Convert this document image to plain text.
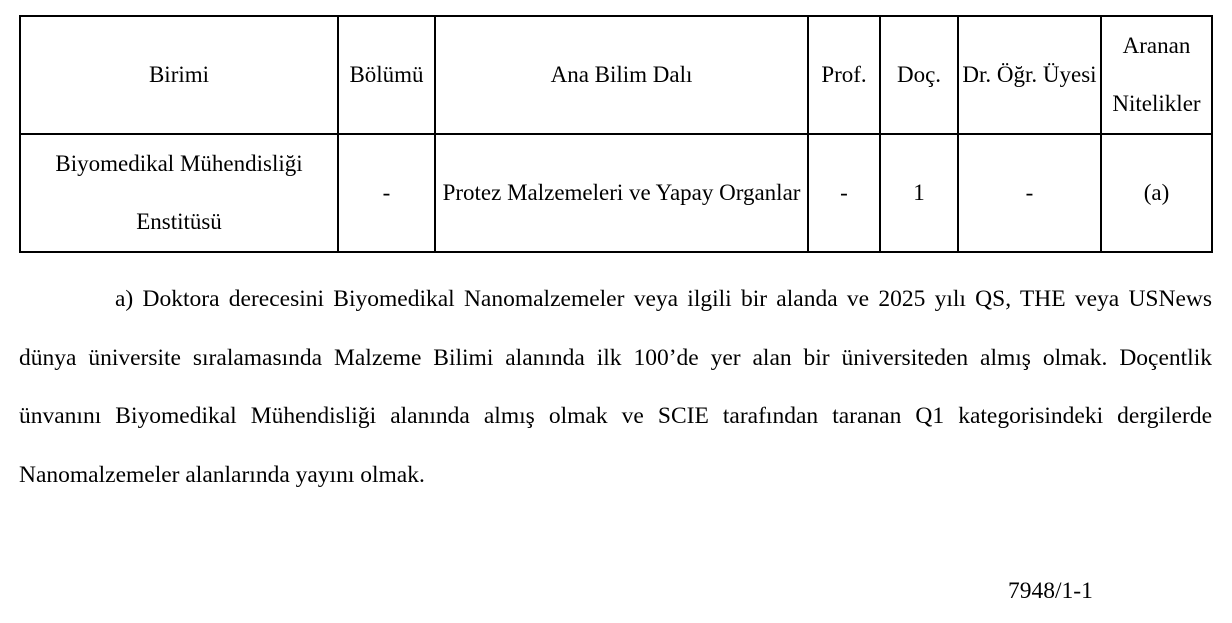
Birimi	Bölümü	Ana Bilim Dalı	Prof.	Doç.	Dr. Öğr. Üyesi	Aranan Nitelikler
Biyomedikal Mühendisliği Enstitüsü	-	Protez Malzemeleri ve Yapay Organlar	-	1	-	(a)
a) Doktora derecesini Biyomedikal Nanomalzemeler veya ilgili bir alanda ve 2025 yılı QS, THE veya USNews dünya üniversite sıralamasında Malzeme Bilimi alanında ilk 100’de yer alan bir üniversiteden almış olmak. Doçentlik ünvanını Biyomedikal Mühendisliği alanında almış olmak ve SCIE tarafından taranan Q1 kategorisindeki dergilerde Nanomalzemeler alanlarında yayını olmak.
7948/1-1
